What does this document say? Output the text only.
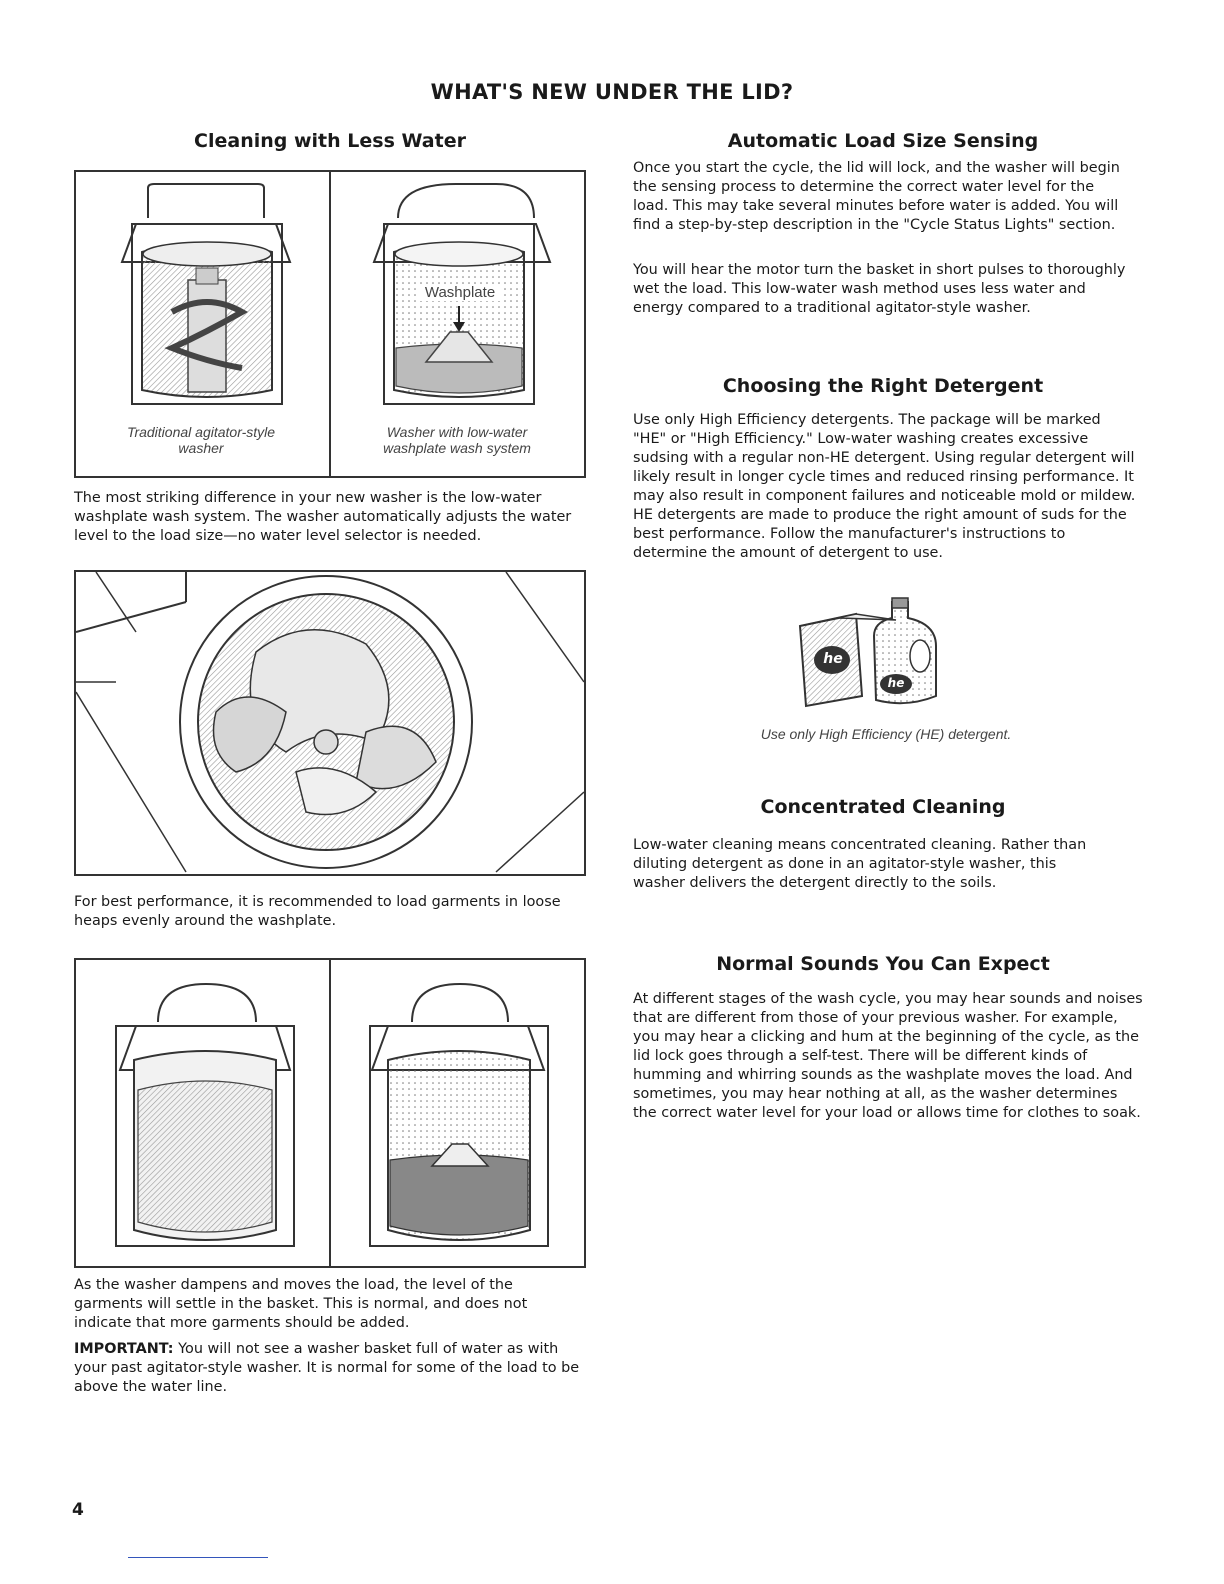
WHAT'S NEW UNDER THE LID?
Cleaning with Less Water
Washplate
Traditional agitator-style washer
Washer with low-water washplate wash system

The most striking difference in your new washer is the low-water washplate wash system. The washer automatically adjusts the water level to the load size—no water level selector is needed.

For best performance, it is recommended to load garments in loose heaps evenly around the washplate.

As the washer dampens and moves the load, the level of the garments will settle in the basket. This is normal, and does not indicate that more garments should be added.

IMPORTANT: You will not see a washer basket full of water as with your past agitator-style washer. It is normal for some of the load to be above the water line.

Automatic Load Size Sensing

Once you start the cycle, the lid will lock, and the washer will begin the sensing process to determine the correct water level for the load. This may take several minutes before water is added. You will find a step-by-step description in the "Cycle Status Lights" section.

You will hear the motor turn the basket in short pulses to thoroughly wet the load. This low-water wash method uses less water and energy compared to a traditional agitator-style washer.

Choosing the Right Detergent

Use only High Efficiency detergents. The package will be marked "HE" or "High Efficiency." Low-water washing creates excessive sudsing with a regular non-HE detergent. Using regular detergent will likely result in longer cycle times and reduced rinsing performance. It may also result in component failures and noticeable mold or mildew. HE detergents are made to produce the right amount of suds for the best performance. Follow the manufacturer's instructions to determine the amount of detergent to use.

he
he
Use only High Efficiency (HE) detergent.
Concentrated Cleaning

Low-water cleaning means concentrated cleaning. Rather than diluting detergent as done in an agitator-style washer, this washer delivers the detergent directly to the soils.

Normal Sounds You Can Expect

At different stages of the wash cycle, you may hear sounds and noises that are different from those of your previous washer. For example, you may hear a clicking and hum at the beginning of the cycle, as the lid lock goes through a self-test. There will be different kinds of humming and whirring sounds as the washplate moves the load. And sometimes, you may hear nothing at all, as the washer determines the correct water level for your load or allows time for clothes to soak.

4
